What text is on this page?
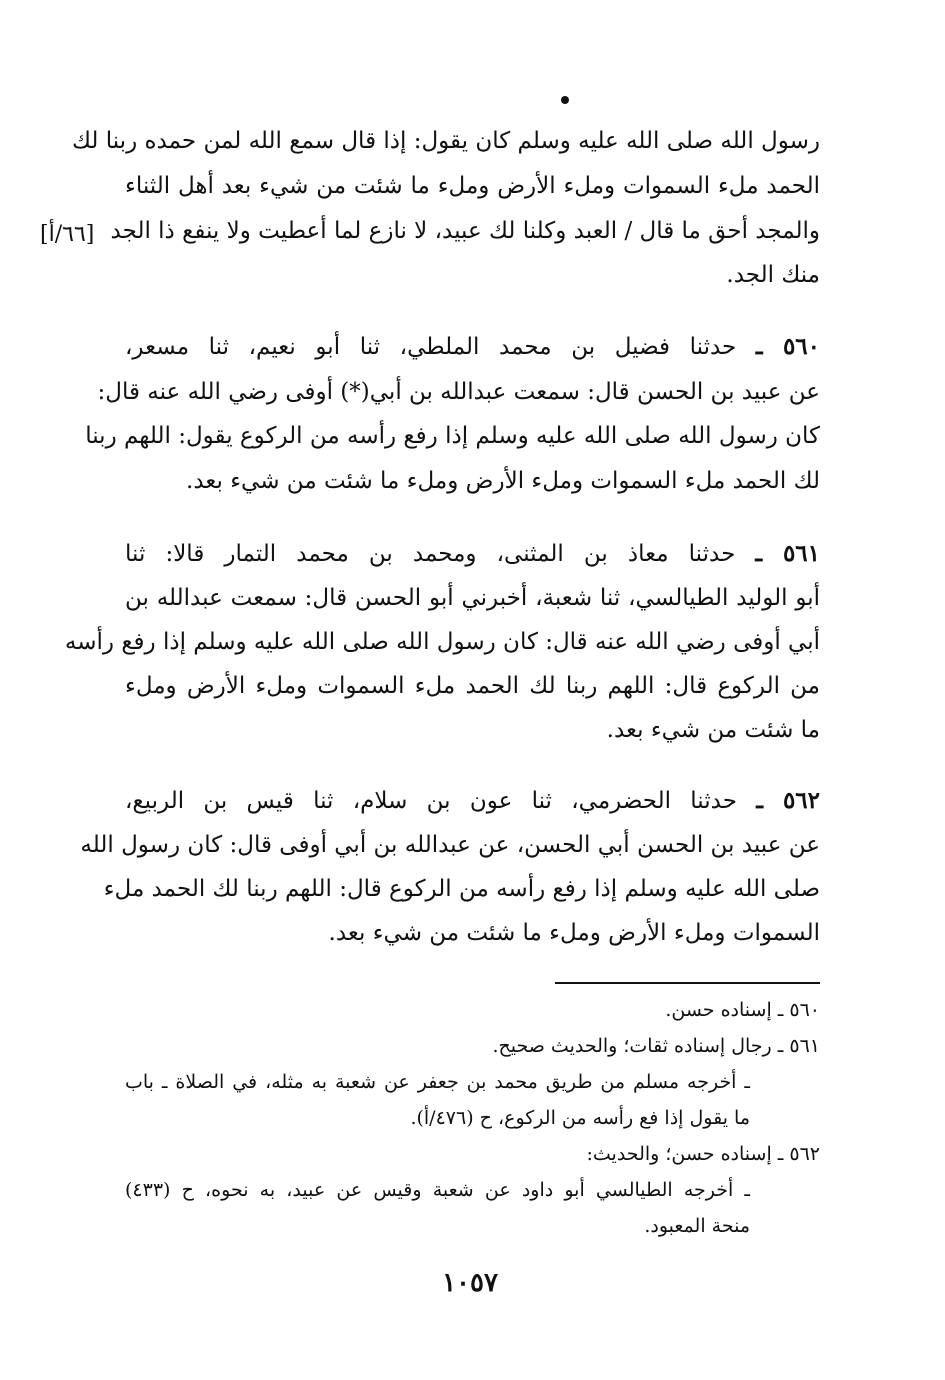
[٦٦/أ]
رسول الله صلى الله عليه وسلم كان يقول: إذا قال سمع الله لمن حمده ربنا لك
الحمد ملء السموات وملء الأرض وملء ما شئت من شيء بعد أهل الثناء
والمجد أحق ما قال / العبد وكلنا لك عبيد، لا نازع لما أعطيت ولا ينفع ذا الجد
منك الجد.
٥٦٠ ـ حدثنا فضيل بن محمد الملطي، ثنا أبو نعيم، ثنا مسعر،
عن عبيد بن الحسن قال: سمعت عبدالله بن أبي(*) أوفى رضي الله عنه قال:
كان رسول الله صلى الله عليه وسلم إذا رفع رأسه من الركوع يقول: اللهم ربنا
لك الحمد ملء السموات وملء الأرض وملء ما شئت من شيء بعد.
٥٦١ ـ حدثنا معاذ بن المثنى، ومحمد بن محمد التمار قالا: ثنا
أبو الوليد الطيالسي، ثنا شعبة، أخبرني أبو الحسن قال: سمعت عبدالله بن
أبي أوفى رضي الله عنه قال: كان رسول الله صلى الله عليه وسلم إذا رفع رأسه
من الركوع قال: اللهم ربنا لك الحمد ملء السموات وملء الأرض وملء
ما شئت من شيء بعد.
٥٦٢ ـ حدثنا الحضرمي، ثنا عون بن سلام، ثنا قيس بن الربيع،
عن عبيد بن الحسن أبي الحسن، عن عبدالله بن أبي أوفى قال: كان رسول الله
صلى الله عليه وسلم إذا رفع رأسه من الركوع قال: اللهم ربنا لك الحمد ملء
السموات وملء الأرض وملء ما شئت من شيء بعد.
٥٦٠ ـ إسناده حسن.
٥٦١ ـ رجال إسناده ثقات؛ والحديث صحيح.
ـ أخرجه مسلم من طريق محمد بن جعفر عن شعبة به مثله، في الصلاة ـ باب
ما يقول إذا فع رأسه من الركوع، ح (٤٧٦/أ).
٥٦٢ ـ إسناده حسن؛ والحديث:
ـ أخرجه الطيالسي أبو داود عن شعبة وقيس عن عبيد، به نحوه، ح (٤٣٣)
منحة المعبود.
١٠٥٧
